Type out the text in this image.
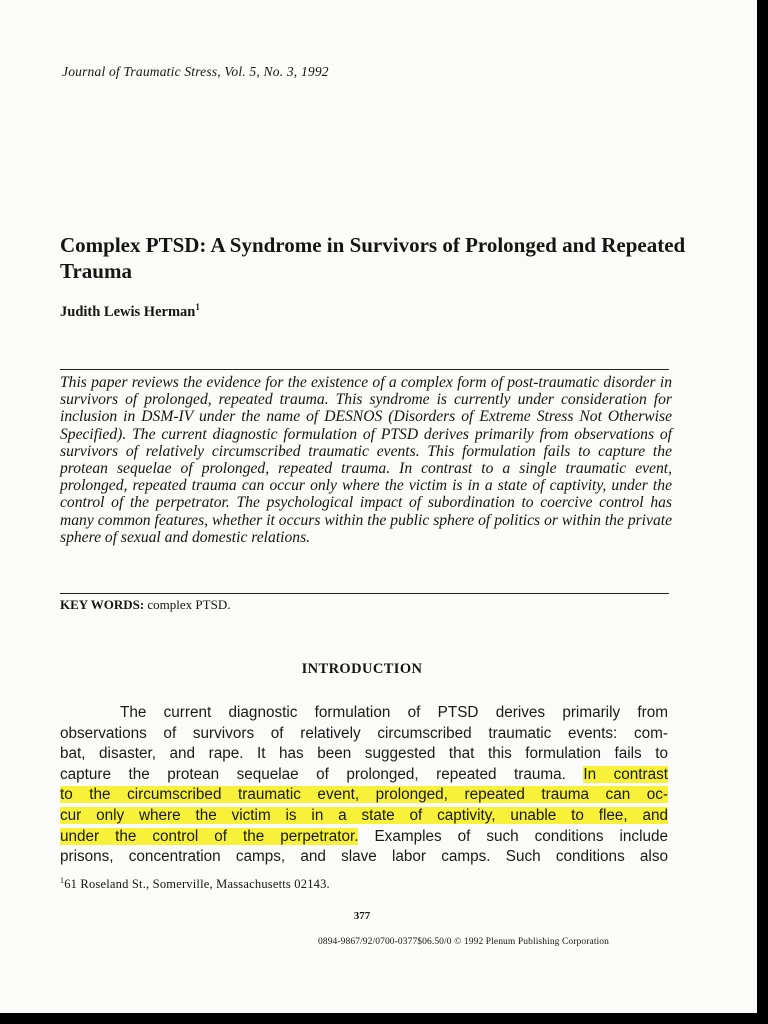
Journal of Traumatic Stress, Vol. 5, No. 3, 1992
Complex PTSD: A Syndrome in Survivors of Prolonged and Repeated Trauma
Judith Lewis Herman$^1$

This paper reviews the evidence for the existence of a complex form of post-traumatic disorder in survivors of prolonged, repeated trauma. This syndrome is currently under consideration for inclusion in DSM-IV under the name of DESNOS (Disorders of Extreme Stress Not Otherwise Specified). The current diagnostic formulation of PTSD derives primarily from observations of survivors of relatively circumscribed traumatic events. This formulation fails to capture the protean sequelae of prolonged, repeated trauma. In contrast to a single traumatic event, prolonged, repeated trauma can occur only where the victim is in a state of captivity, under the control of the perpetrator. The psychological impact of subordination to coercive control has many common features, whether it occurs within the public sphere of politics or within the private sphere of sexual and domestic relations.

KEY WORDS: complex PTSD.
INTRODUCTION
The current diagnostic formulation of PTSD derives primarily from
observations of survivors of relatively circumscribed traumatic events: com-
bat, disaster, and rape. It has been suggested that this formulation fails to
capture the protean sequelae of prolonged, repeated trauma. In contrast
to the circumscribed traumatic event, prolonged, repeated trauma can oc-
cur only where the victim is in a state of captivity, unable to flee, and
under the control of the perpetrator. Examples of such conditions include
prisons, concentration camps, and slave labor camps. Such conditions also
$^1$61 Roseland St., Somerville, Massachusetts 02143.
377
0894-9867/92/0700-0377$06.50/0 © 1992 Plenum Publishing Corporation
